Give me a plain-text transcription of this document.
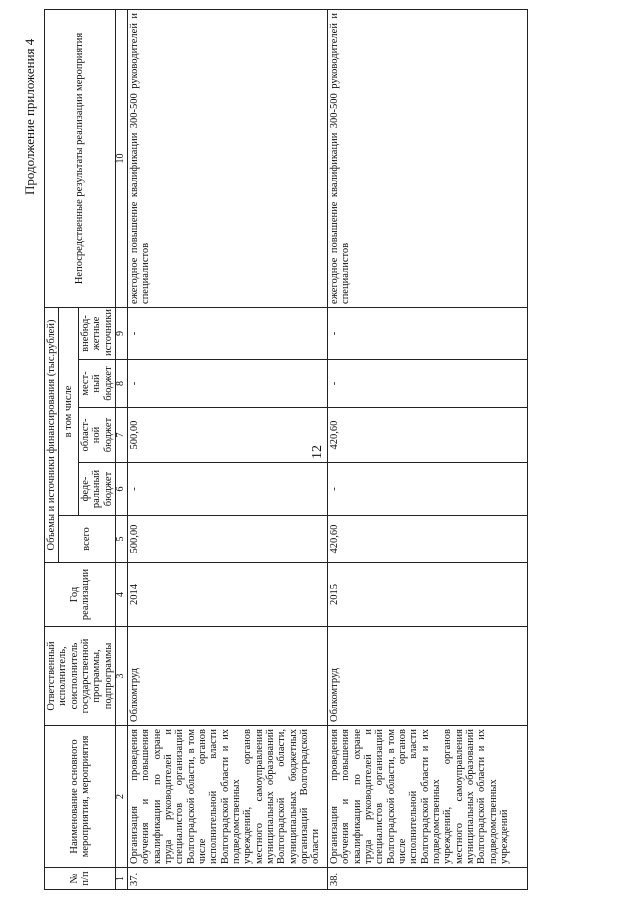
12
Продолжение приложения 4
№ п/п	Наименование основного мероприятия, мероприятия	Ответственный исполнитель, соисполнитель государственной программы, подпрограммы	Год реализации	Объемы и источники финансирования (тыс.рублей)					Непосредственные результаты реализации мероприятия
				всего	в том числе				
					феде-ральный бюджет	област-ной бюджет	мест-ный бюджет	внебюд-жетные источники	
1	2	3	4	5	6	7	8	9	10
37.	Организация проведения обучения и повышения квалификации по охране труда руководителей и специалистов организаций Волгоградской области, в том числе органов исполнительной власти Волгоградской области и их подведомственных учреждений, органов местного самоуправления муниципальных образований Волгоградской области, муниципальных бюджетных организаций Волгоградской области	Облкомтруд	2014	500,00	-	500,00	-	-	ежегодное повышение квалификации 300-500 руководителей и специалистов
38.	Организация проведения обучения и повышения квалификации по охране труда руководителей и специалистов организаций Волгоградской области, в том числе органов исполнительной власти Волгоградской области и их подведомственных учреждений, органов местного самоуправления муниципальных образований Волгоградской области и их подведомственных учреждений	Облкомтруд	2015	420,60	-	420,60	-	-	ежегодное повышение квалификации 300-500 руководителей и специалистов
